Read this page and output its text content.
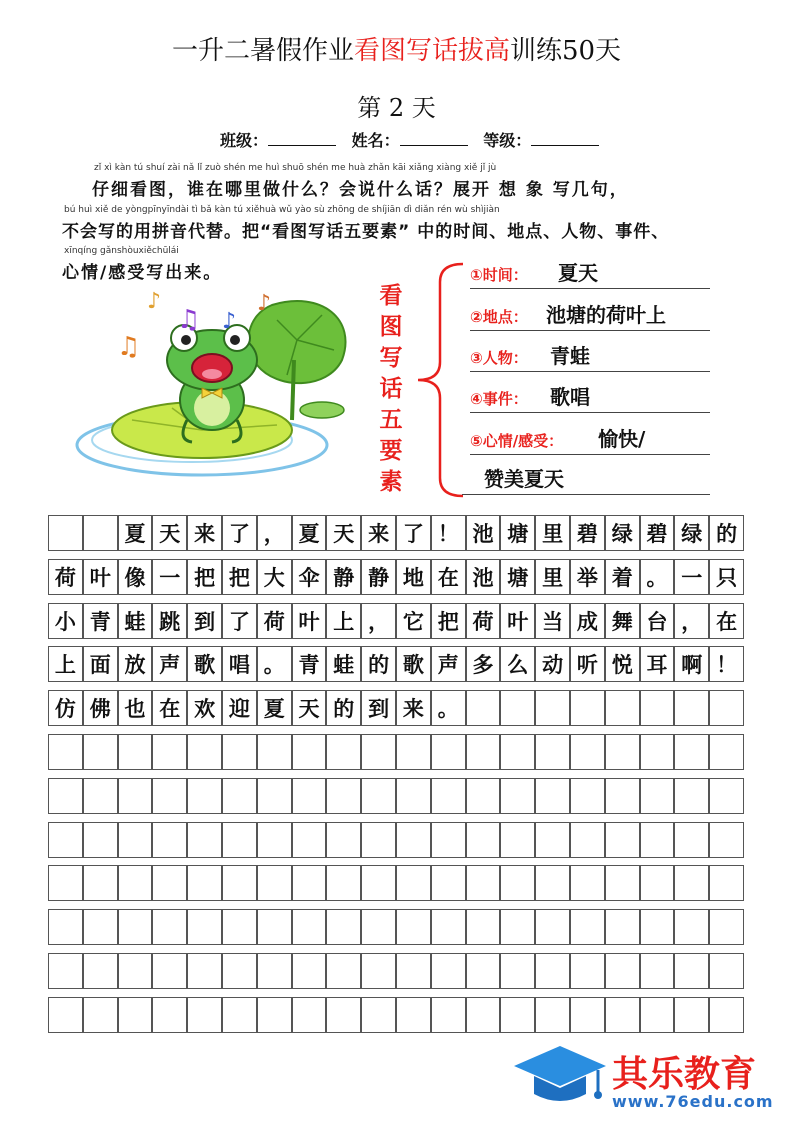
一升二暑假作业看图写话拔高训练50天
第 2 天
班级：	姓名：	等级：
zǐ xì kàn tú shuí zài nǎ lǐ zuò shén me huì shuō shén me huà zhǎn kāi xiǎng xiàng xiě jǐ jù
仔细看图，谁在哪里做什么？会说什么话？展开 想 象 写几句，
bú huì xiě de yòngpīnyīndài tì bǎ kàn tú xiěhuà wǔ yào sù zhōng de shíjiān dì diǎn rén wù shìjiàn
不会写的用拼音代替。把“看图写话五要素” 中的时间、地点、人物、事件、
xīnqíng gǎnshòuxiěchūlái
心情/感受写出来。
♫
♪
♫ ♪
♪	看
图
写
话
五
要
素
①时间： 夏天
②地点： 池塘的荷叶上
③人物： 青蛙
④事件： 歌唱
⑤心情/感受： 愉快/
赞美夏天
夏 天 来 了 ， 夏 天 来 了 ！ 池 塘 里 碧 绿 碧 绿 的
荷 叶 像 一 把 把 大 伞 静 静 地 在 池 塘 里 举 着 。 一 只
小 青 蛙 跳 到 了 荷 叶 上 ， 它 把 荷 叶 当 成 舞 台 ， 在
上 面 放 声 歌 唱 。 青 蛙 的 歌 声 多 么 动 听 悦 耳 啊 ！
仿 佛 也 在 欢 迎 夏 天 的 到 来 。
其乐教育
www.76edu.com
